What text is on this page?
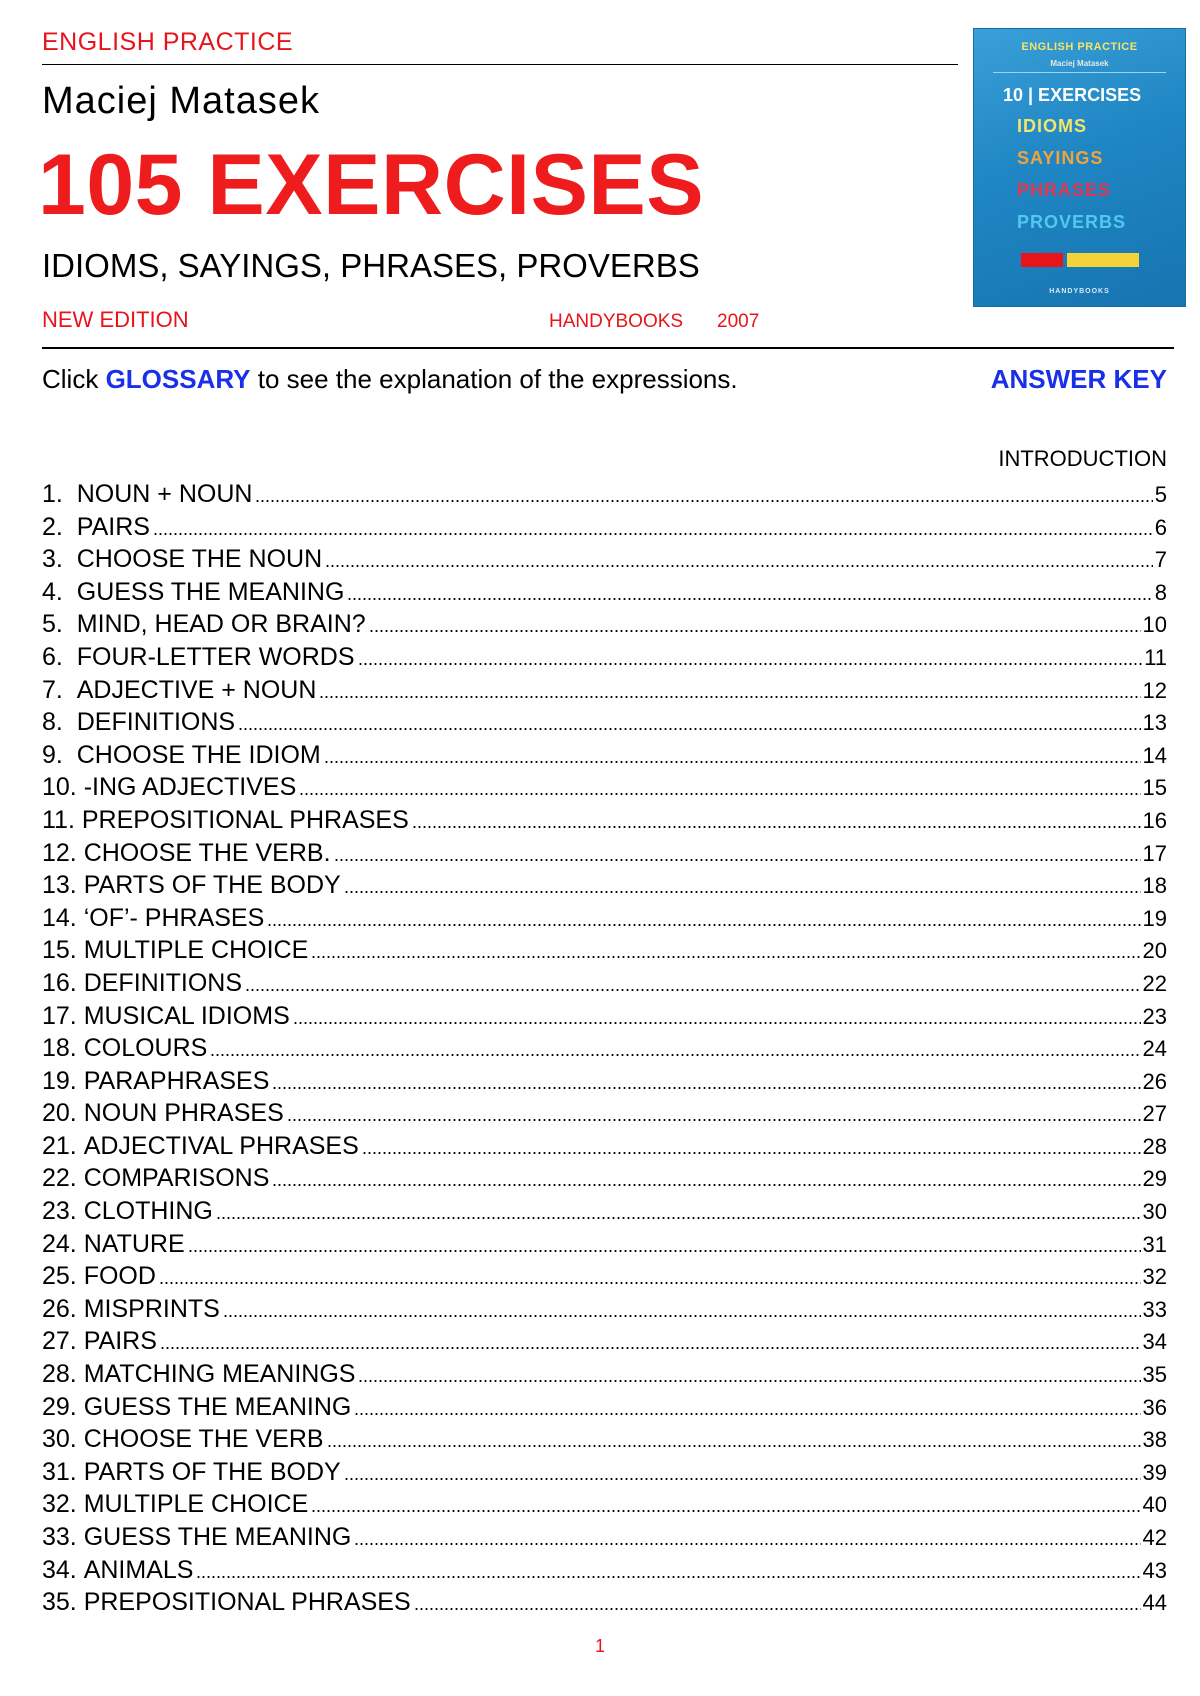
ENGLISH PRACTICE
Maciej Matasek
105 EXERCISES
IDIOMS, SAYINGS, PHRASES, PROVERBS
NEW EDITION	HANDYBOOKS 2007
ENGLISH PRACTICE
Maciej Matasek
10 | EXERCISES
IDIOMS
SAYINGS
PHRASES
PROVERBS
HANDYBOOKS
Click GLOSSARY to see the explanation of the expressions.	ANSWER KEY
INTRODUCTION
1. NOUN + NOUN	5
2. PAIRS	6
3. CHOOSE THE NOUN	7
4. GUESS THE MEANING	8
5. MIND, HEAD OR BRAIN?	10
6. FOUR-LETTER WORDS	11
7. ADJECTIVE + NOUN	12
8. DEFINITIONS	13
9. CHOOSE THE IDIOM	14
10. -ING ADJECTIVES	15
11. PREPOSITIONAL PHRASES	16
12. CHOOSE THE VERB.	17
13. PARTS OF THE BODY	18
14. ‘OF’- PHRASES	19
15. MULTIPLE CHOICE	20
16. DEFINITIONS	22
17. MUSICAL IDIOMS	23
18. COLOURS	24
19. PARAPHRASES	26
20. NOUN PHRASES	27
21. ADJECTIVAL PHRASES	28
22. COMPARISONS	29
23. CLOTHING	30
24. NATURE	31
25. FOOD	32
26. MISPRINTS	33
27. PAIRS	34
28. MATCHING MEANINGS	35
29. GUESS THE MEANING	36
30. CHOOSE THE VERB	38
31. PARTS OF THE BODY	39
32. MULTIPLE CHOICE	40
33. GUESS THE MEANING	42
34. ANIMALS	43
35. PREPOSITIONAL PHRASES	44
1
